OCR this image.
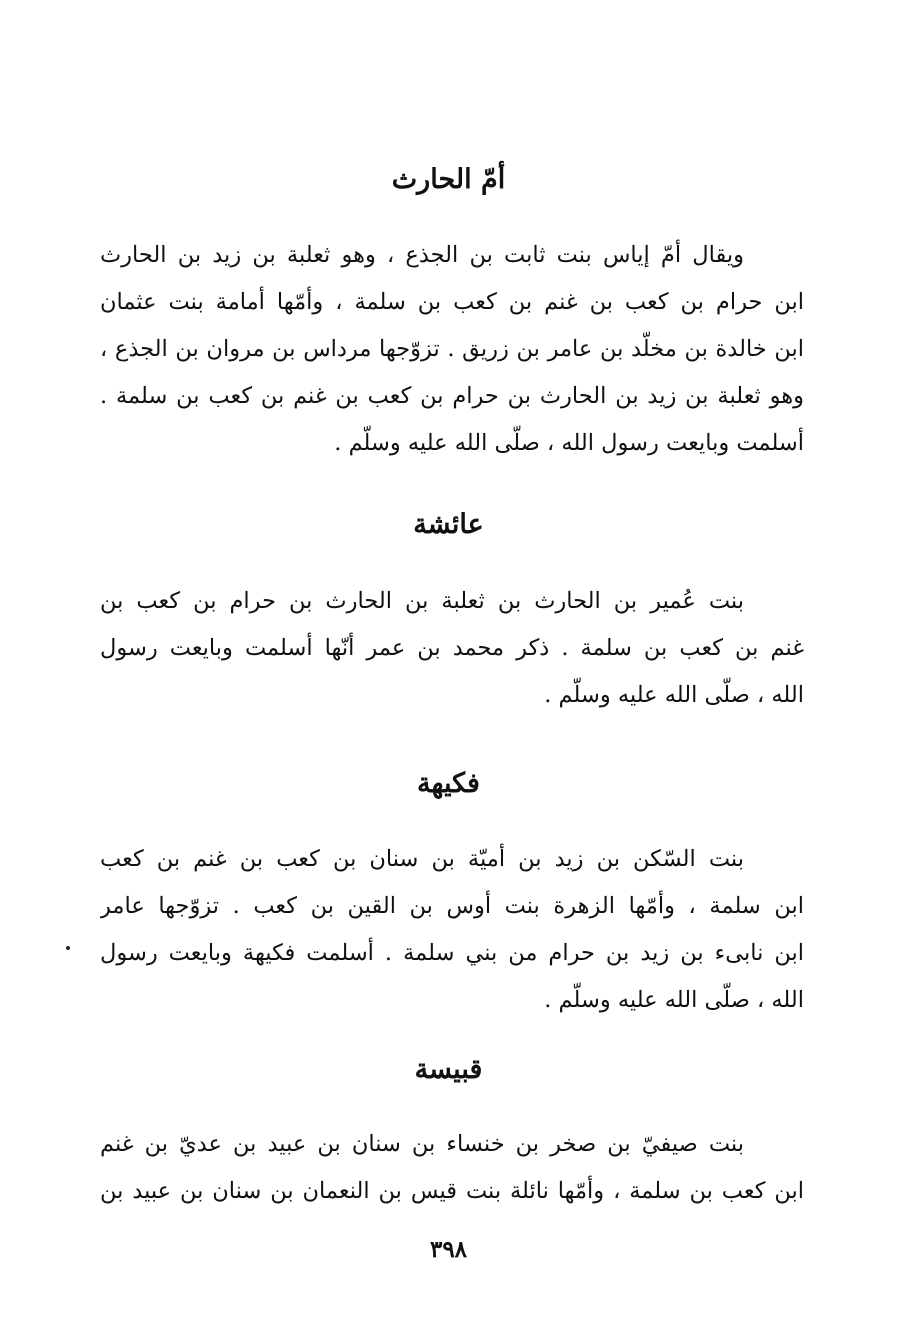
أمّ الحارث
ويقال أمّ إياس بنت ثابت بن الجذع ، وهو ثعلبة بن زيد بن الحارث
ابن حرام بن كعب بن غنم بن كعب بن سلمة ، وأمّها أمامة بنت عثمان
ابن خالدة بن مخلّد بن عامر بن زريق . تزوّجها مرداس بن مروان بن الجذع ،
وهو ثعلبة بن زيد بن الحارث بن حرام بن كعب بن غنم بن كعب بن سلمة .
أسلمت وبايعت رسول الله ، صلّى الله عليه وسلّم .
عائشة
بنت عُمير بن الحارث بن ثعلبة بن الحارث بن حرام بن كعب بن
غنم بن كعب بن سلمة . ذكر محمد بن عمر أنّها أسلمت وبايعت رسول
الله ، صلّى الله عليه وسلّم .
فكيهة
بنت السّكن بن زيد بن أميّة بن سنان بن كعب بن غنم بن كعب
ابن سلمة ، وأمّها الزهرة بنت أوس بن القين بن كعب . تزوّجها عامر
ابن نابىء بن زيد بن حرام من بني سلمة . أسلمت فكيهة وبايعت رسول
الله ، صلّى الله عليه وسلّم .
قبيسة
بنت صيفيّ بن صخر بن خنساء بن سنان بن عبيد بن عديّ بن غنم
ابن كعب بن سلمة ، وأمّها نائلة بنت قيس بن النعمان بن سنان بن عبيد بن
٣٩٨
